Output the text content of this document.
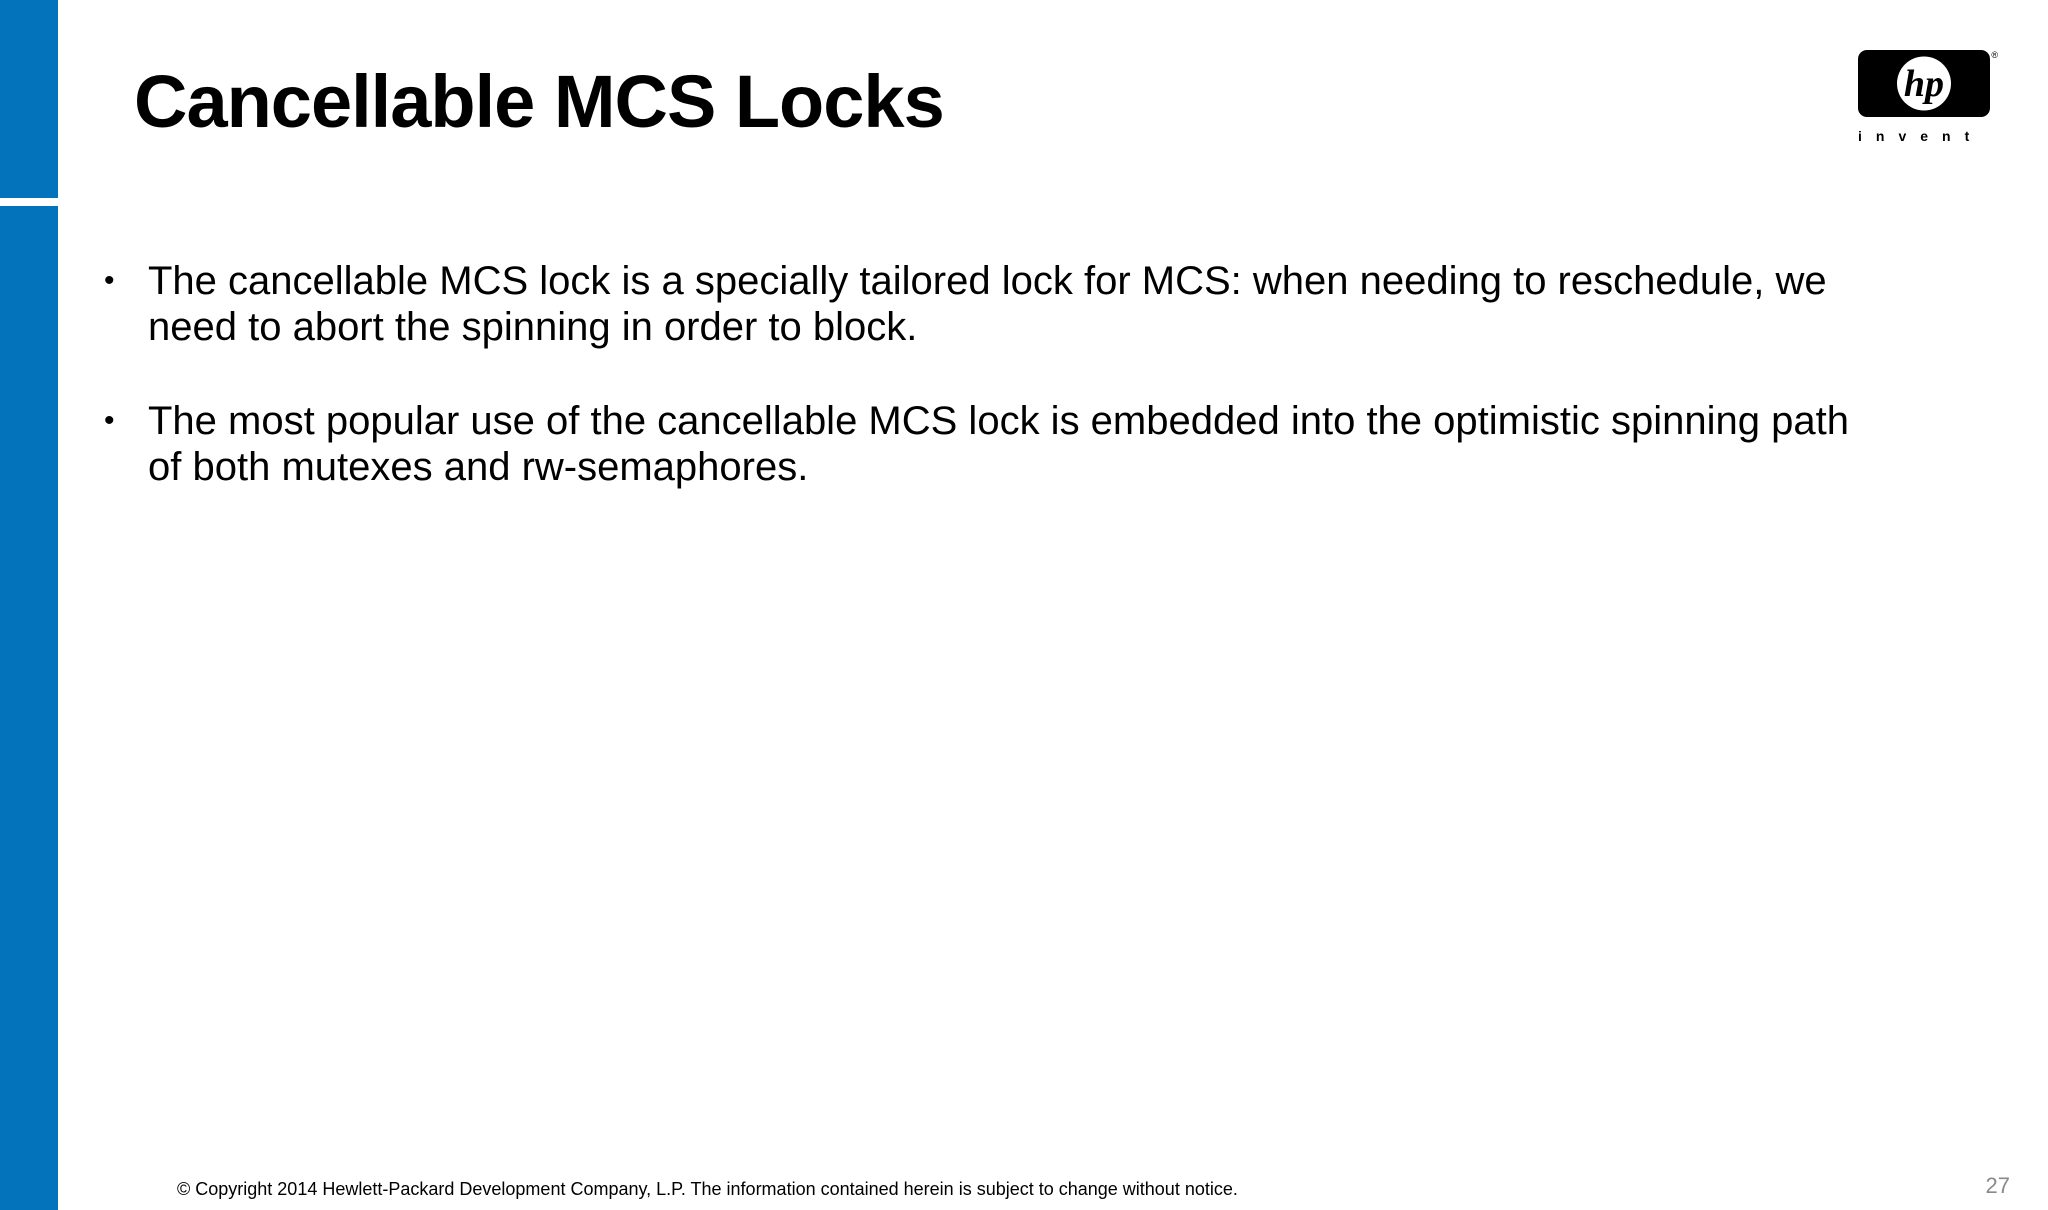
Cancellable MCS Locks	hp
®
invent
• The cancellable MCS lock is a specially tailored lock for MCS: when needing to reschedule, we need to abort the spinning in order to block.
• The most popular use of the cancellable MCS lock is embedded into the optimistic spinning path of both mutexes and rw-semaphores.
© Copyright 2014 Hewlett-Packard Development Company, L.P. The information contained herein is subject to change without notice.	27
